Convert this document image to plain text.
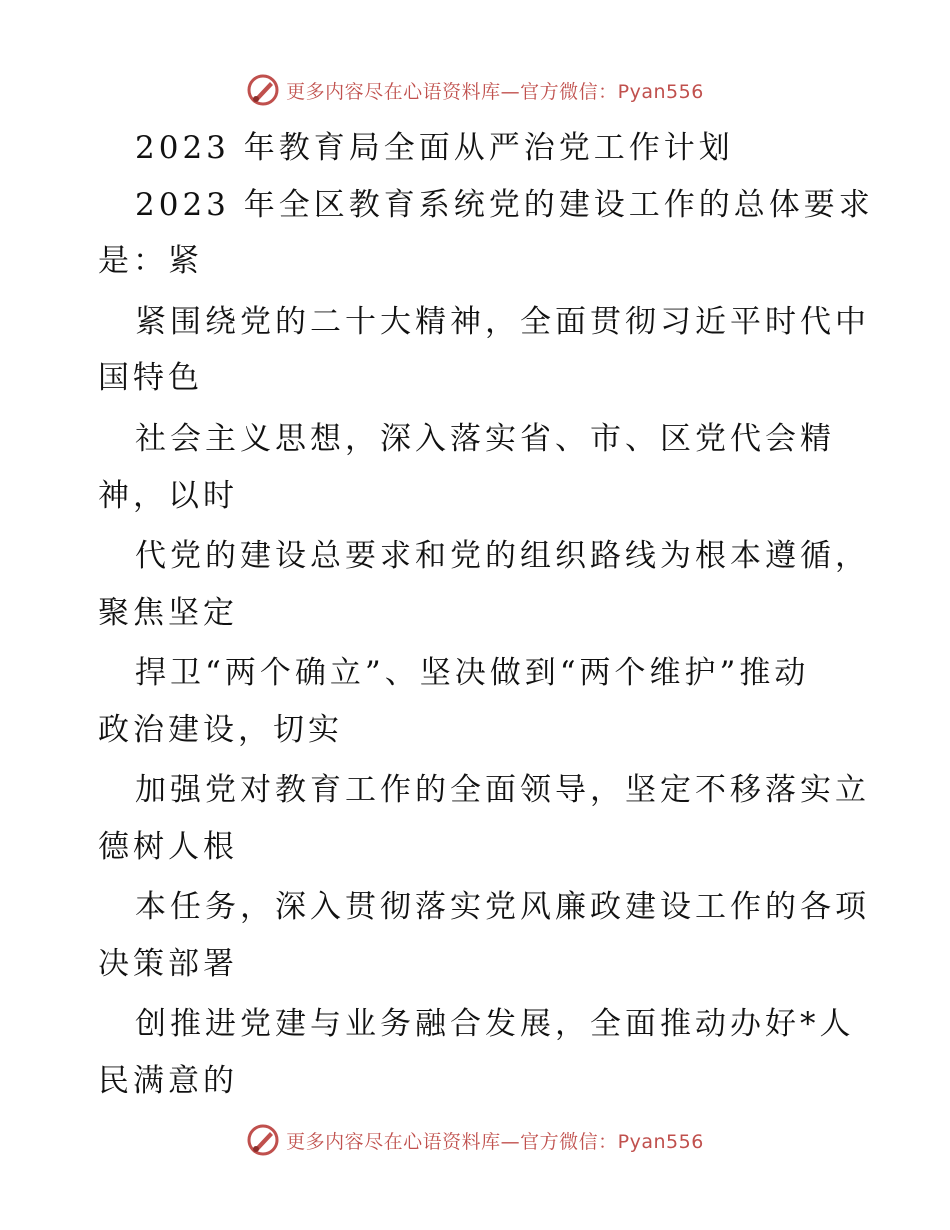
更多内容尽在心语资料库—官方微信：Pyan556
2023 年教育局全面从严治党工作计划
2023 年全区教育系统党的建设工作的总体要求
是：紧
紧围绕党的二十大精神，全面贯彻习近平时代中
国特色
社会主义思想，深入落实省、市、区党代会精
神，以时
代党的建设总要求和党的组织路线为根本遵循，
聚焦坚定
捍卫“两个确立”、坚决做到“两个维护”推动
政治建设，切实
加强党对教育工作的全面领导，坚定不移落实立
德树人根
本任务，深入贯彻落实党风廉政建设工作的各项
决策部署
创推进党建与业务融合发展，全面推动办好*人
民满意的
更多内容尽在心语资料库—官方微信：Pyan556
